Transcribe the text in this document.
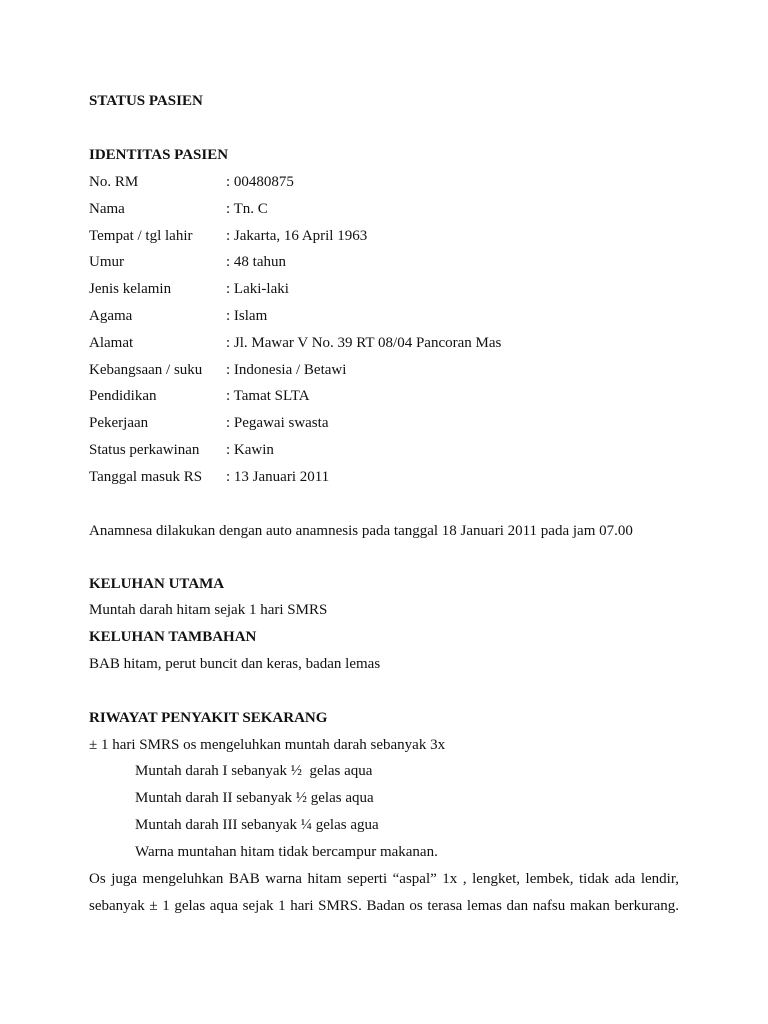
STATUS PASIEN
IDENTITAS PASIEN
No. RM	: 00480875
Nama	: Tn. C
Tempat / tgl lahir : Jakarta, 16 April 1963
Umur	: 48 tahun
Jenis kelamin	: Laki-laki
Agama	: Islam
Alamat	: Jl. Mawar V No. 39 RT 08/04 Pancoran Mas
Kebangsaan / suku : Indonesia / Betawi
Pendidikan	: Tamat SLTA
Pekerjaan	: Pegawai swasta
Status perkawinan : Kawin
Tanggal masuk RS : 13 Januari 2011
Anamnesa dilakukan dengan auto anamnesis pada tanggal 18 Januari 2011 pada jam 07.00
KELUHAN UTAMA
Muntah darah hitam sejak 1 hari SMRS
KELUHAN TAMBAHAN
BAB hitam, perut buncit dan keras, badan lemas
RIWAYAT PENYAKIT SEKARANG
± 1 hari SMRS os mengeluhkan muntah darah sebanyak 3x
Muntah darah I sebanyak ½  gelas aqua
Muntah darah II sebanyak ½ gelas aqua
Muntah darah III sebanyak ¼ gelas agua
Warna muntahan hitam tidak bercampur makanan.
Os juga mengeluhkan BAB warna hitam seperti “aspal” 1x , lengket, lembek, tidak ada lendir,
sebanyak ± 1 gelas aqua sejak 1 hari SMRS. Badan os terasa lemas dan nafsu makan berkurang.
